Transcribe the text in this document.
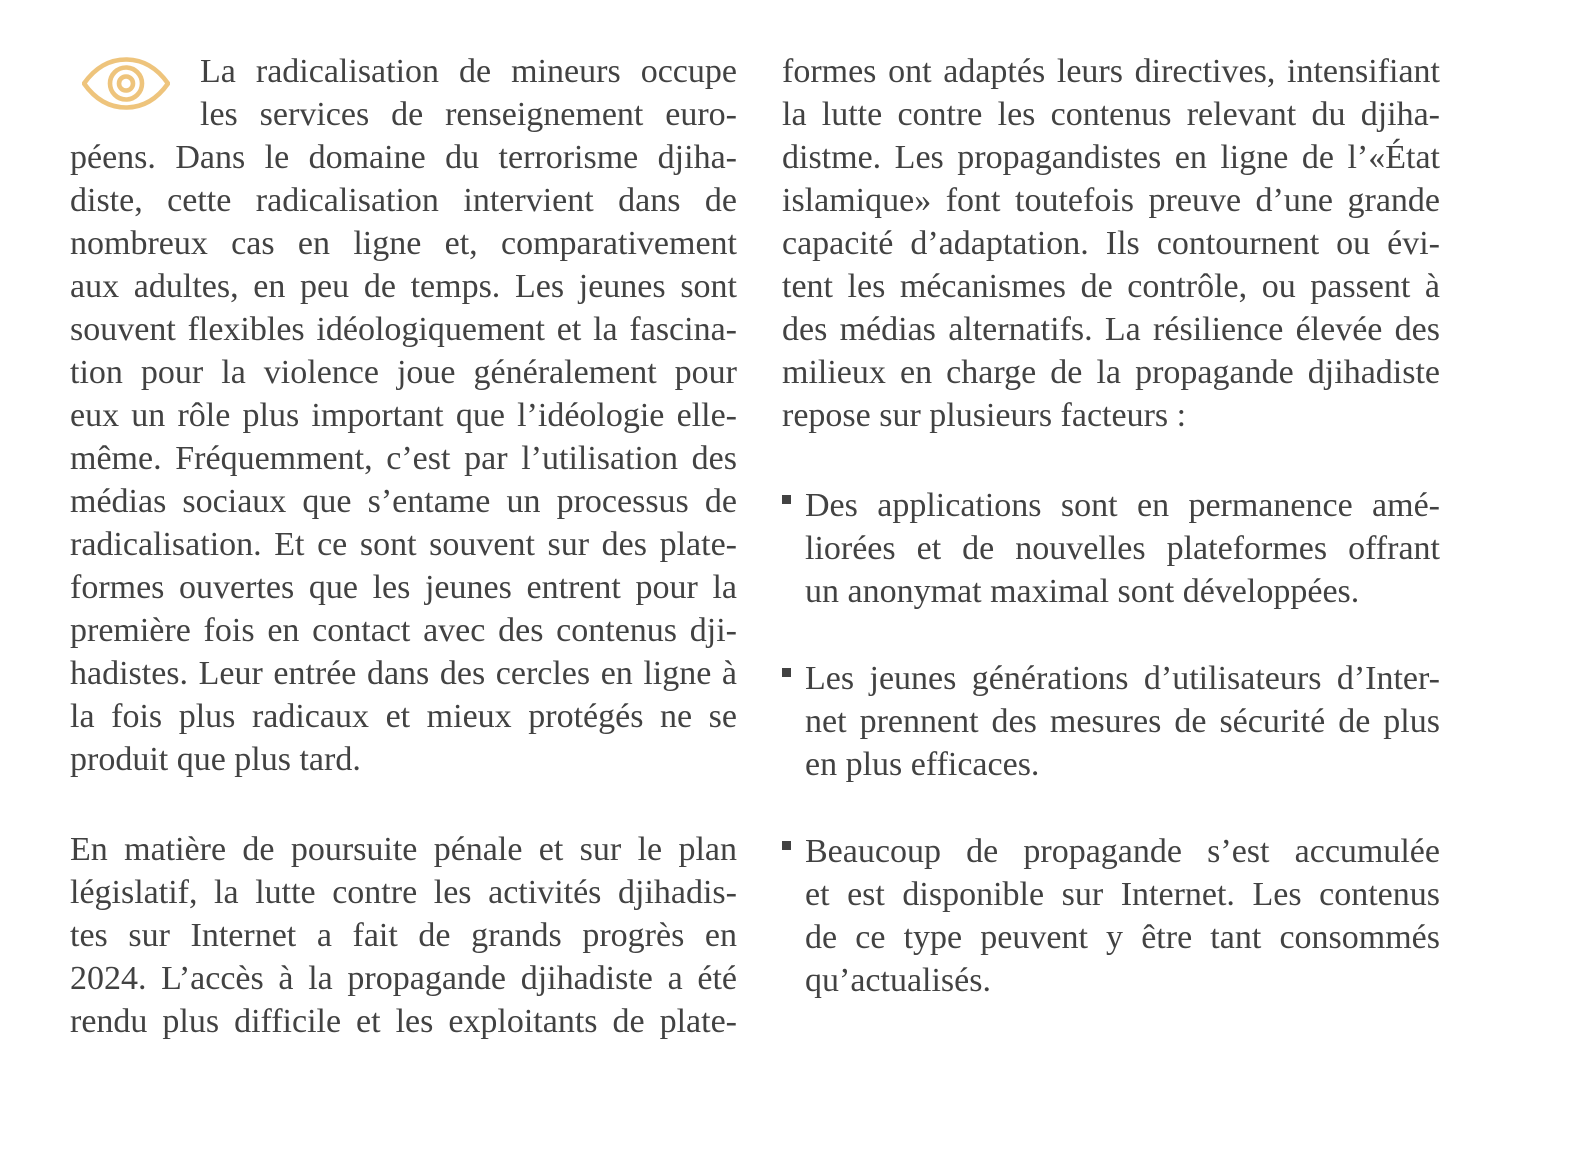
La radicalisation de mineurs occupe
les services de renseignement euro-
péens. Dans le domaine du terrorisme djiha-
diste, cette radicalisation intervient dans de
nombreux cas en ligne et, comparativement
aux adultes, en peu de temps. Les jeunes sont
souvent flexibles idéologiquement et la fascina-
tion pour la violence joue généralement pour
eux un rôle plus important que l’idéologie elle-
même. Fréquemment, c’est par l’utilisation des
médias sociaux que s’entame un processus de
radicalisation. Et ce sont souvent sur des plate-
formes ouvertes que les jeunes entrent pour la
première fois en contact avec des contenus dji-
hadistes. Leur entrée dans des cercles en ligne à
la fois plus radicaux et mieux protégés ne se
produit que plus tard.
En matière de poursuite pénale et sur le plan
législatif, la lutte contre les activités djihadis-
tes sur Internet a fait de grands progrès en
2024. L’accès à la propagande djihadiste a été
rendu plus difficile et les exploitants de plate-
formes ont adaptés leurs directives, intensifiant
la lutte contre les contenus relevant du djiha-
distme. Les propagandistes en ligne de l’«État
islamique» font toutefois preuve d’une grande
capacité d’adaptation. Ils contournent ou évi-
tent les mécanismes de contrôle, ou passent à
des médias alternatifs. La résilience élevée des
milieux en charge de la propagande djihadiste
repose sur plusieurs facteurs :
Des applications sont en permanence amé-
liorées et de nouvelles plateformes offrant
un anonymat maximal sont développées.
Les jeunes générations d’utilisateurs d’Inter-
net prennent des mesures de sécurité de plus
en plus efficaces.
Beaucoup de propagande s’est accumulée
et est disponible sur Internet. Les contenus
de ce type peuvent y être tant consommés
qu’actualisés.
